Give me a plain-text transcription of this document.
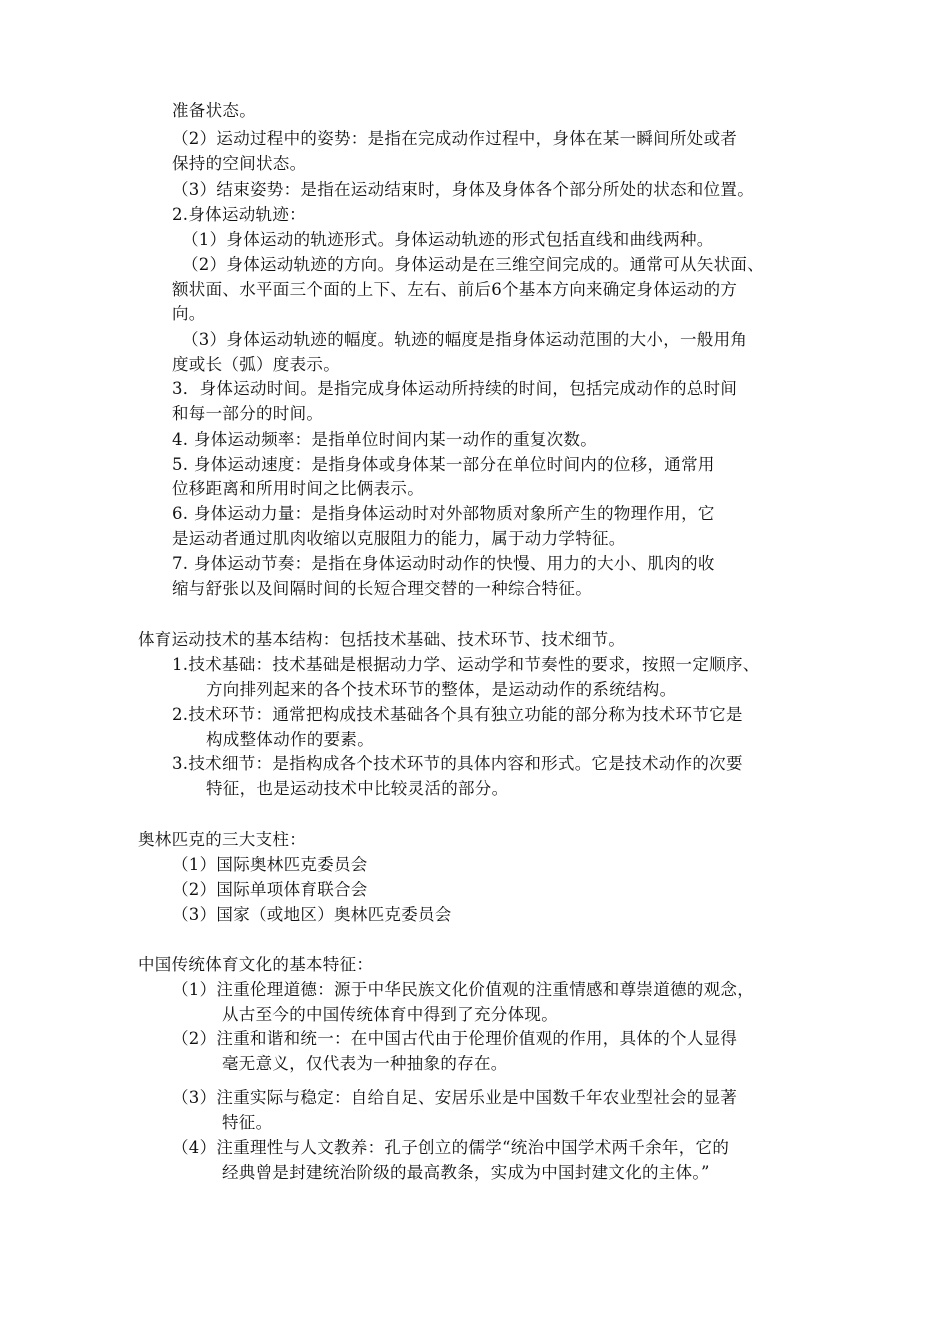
准备状态。
（2）运动过程中的姿势：是指在完成动作过程中，身体在某一瞬间所处或者
保持的空间状态。
（3）结束姿势：是指在运动结束时，身体及身体各个部分所处的状态和位置。
2.身体运动轨迹：
（1）身体运动的轨迹形式。身体运动轨迹的形式包括直线和曲线两种。
（2）身体运动轨迹的方向。身体运动是在三维空间完成的。通常可从矢状面、
额状面、水平面三个面的上下、左右、前后6个基本方向来确定身体运动的方
向。
（3）身体运动轨迹的幅度。轨迹的幅度是指身体运动范围的大小，一般用角
度或长（弧）度表示。
3．身体运动时间。是指完成身体运动所持续的时间，包括完成动作的总时间
和每一部分的时间。
4. 身体运动频率：是指单位时间内某一动作的重复次数。
5. 身体运动速度：是指身体或身体某一部分在单位时间内的位移，通常用
位移距离和所用时间之比俩表示。
6. 身体运动力量：是指身体运动时对外部物质对象所产生的物理作用，它
是运动者通过肌肉收缩以克服阻力的能力，属于动力学特征。
7. 身体运动节奏：是指在身体运动时动作的快慢、用力的大小、肌肉的收
缩与舒张以及间隔时间的长短合理交替的一种综合特征。
体育运动技术的基本结构：包括技术基础、技术环节、技术细节。
1.技术基础：技术基础是根据动力学、运动学和节奏性的要求，按照一定顺序、
方向排列起来的各个技术环节的整体，是运动动作的系统结构。
2.技术环节：通常把构成技术基础各个具有独立功能的部分称为技术环节它是
构成整体动作的要素。
3.技术细节：是指构成各个技术环节的具体内容和形式。它是技术动作的次要
特征，也是运动技术中比较灵活的部分。
奥林匹克的三大支柱：
（1）国际奥林匹克委员会
（2）国际单项体育联合会
（3）国家（或地区）奥林匹克委员会
中国传统体育文化的基本特征：
（1）注重伦理道德：源于中华民族文化价值观的注重情感和尊崇道德的观念，
从古至今的中国传统体育中得到了充分体现。
（2）注重和谐和统一：在中国古代由于伦理价值观的作用，具体的个人显得
毫无意义，仅代表为一种抽象的存在。
（3）注重实际与稳定：自给自足、安居乐业是中国数千年农业型社会的显著
特征。
（4）注重理性与人文教养：孔子创立的儒学“统治中国学术两千余年，它的
经典曾是封建统治阶级的最高教条，实成为中国封建文化的主体。”
